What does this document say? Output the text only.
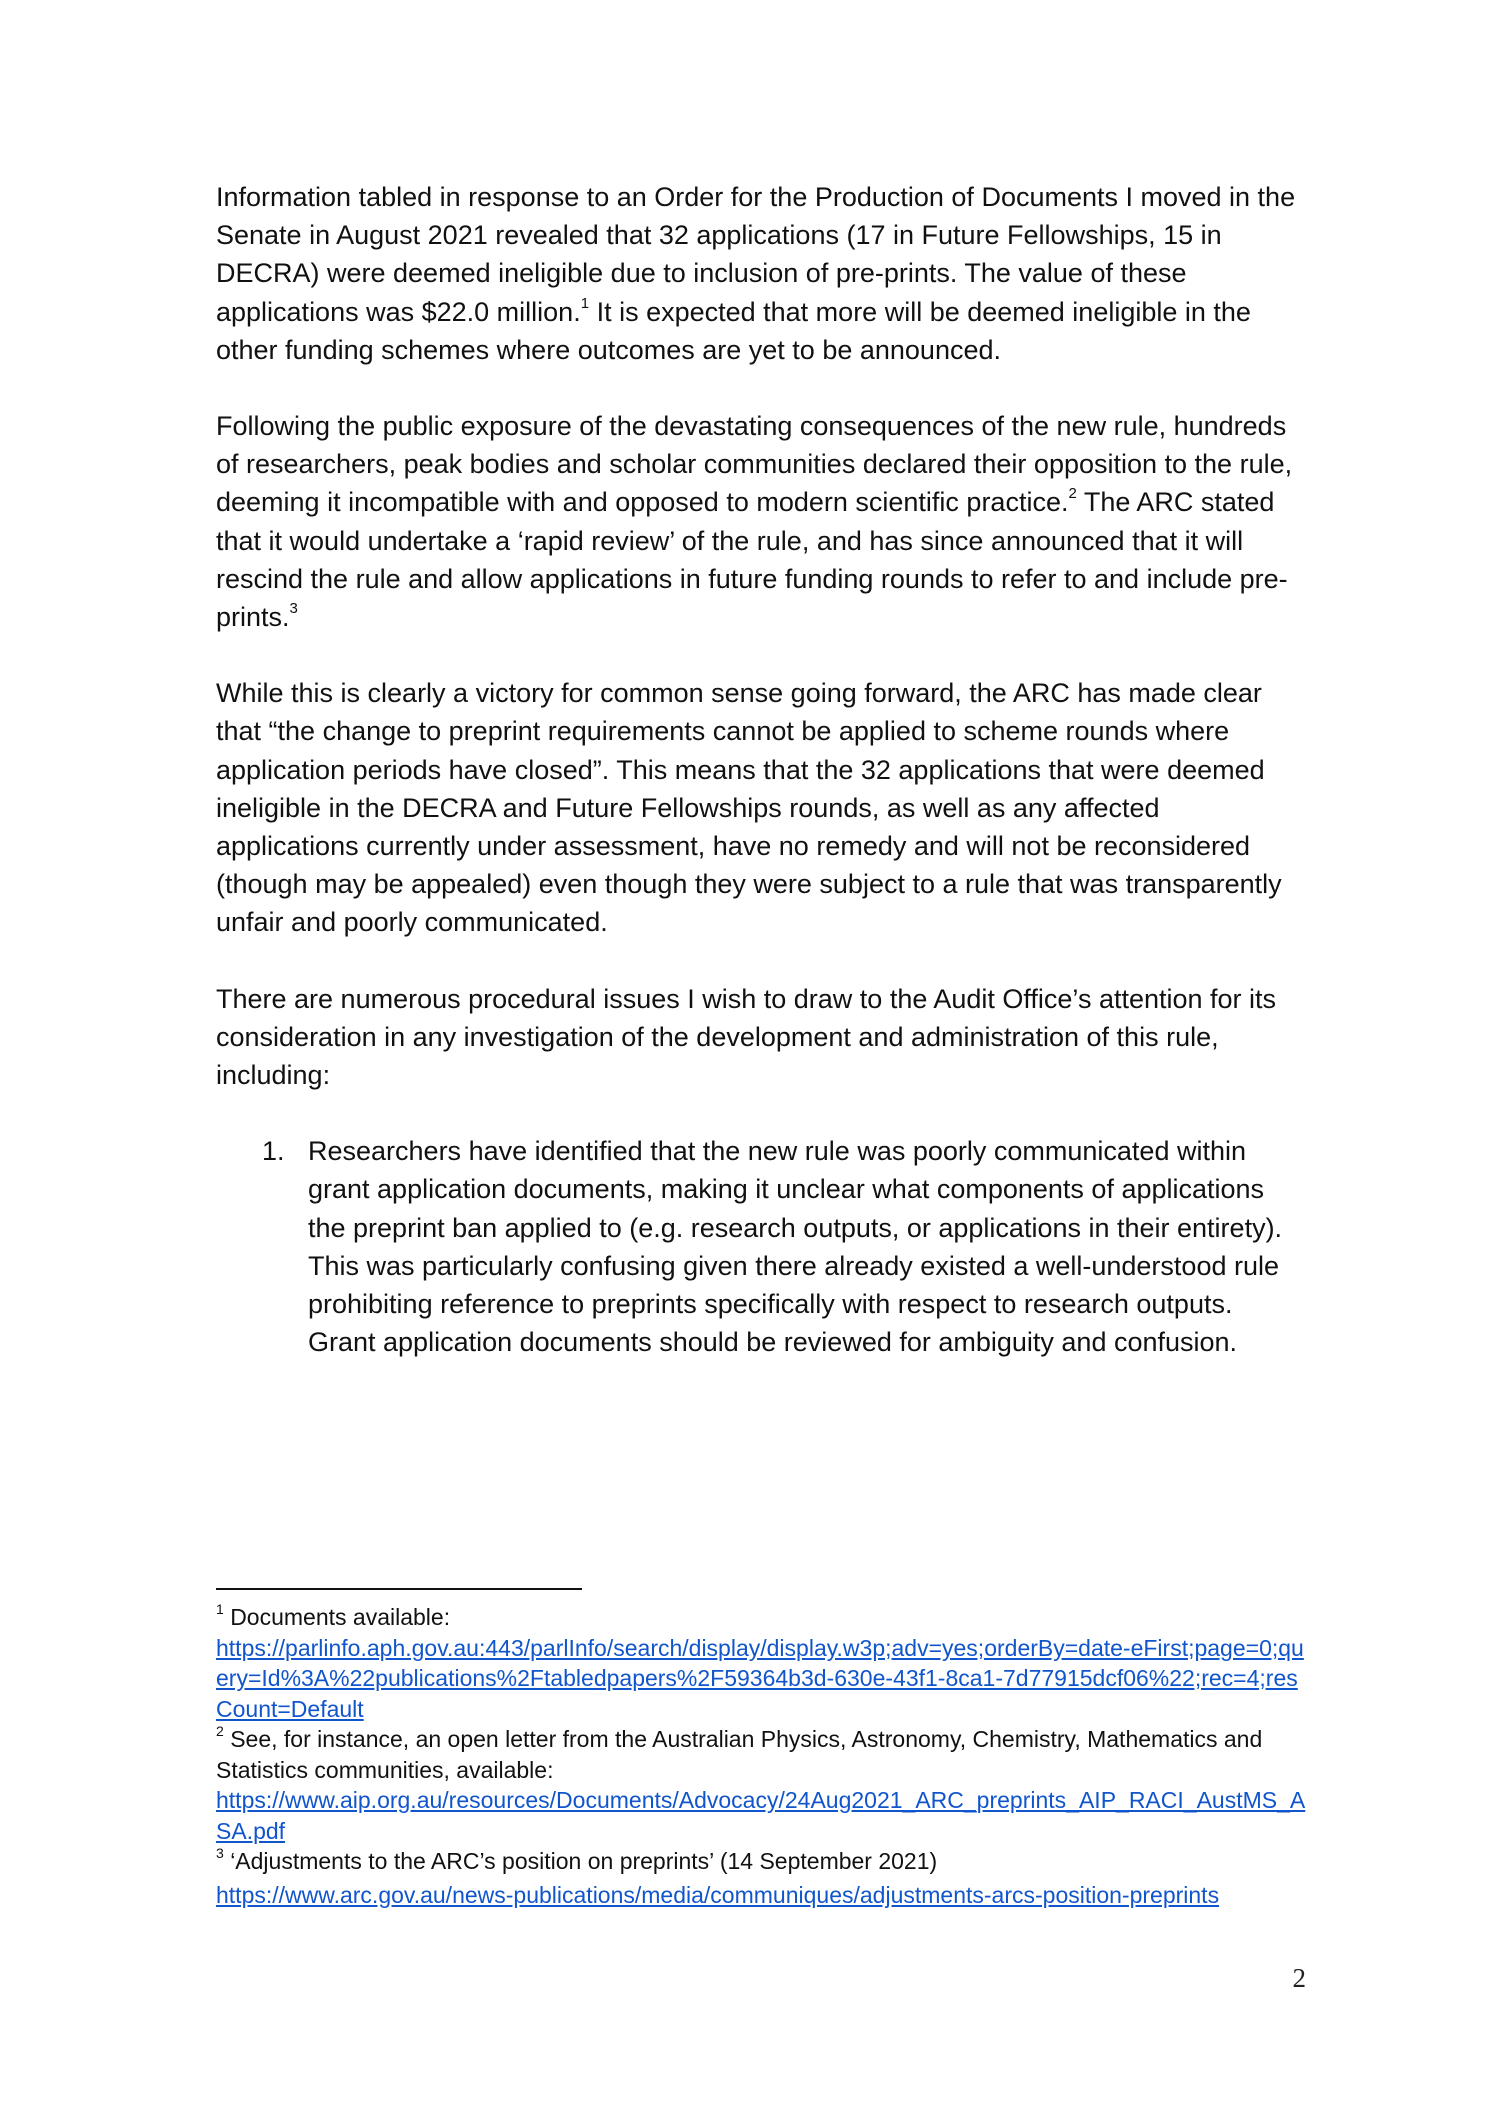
Information tabled in response to an Order for the Production of Documents I moved in the Senate in August 2021 revealed that 32 applications (17 in Future Fellowships, 15 in DECRA) were deemed ineligible due to inclusion of pre-prints. The value of these applications was $22.0 million.$^1$ It is expected that more will be deemed ineligible in the other funding schemes where outcomes are yet to be announced.

Following the public exposure of the devastating consequences of the new rule, hundreds of researchers, peak bodies and scholar communities declared their opposition to the rule, deeming it incompatible with and opposed to modern scientific practice.$^2$ The ARC stated that it would undertake a ‘rapid review’ of the rule, and has since announced that it will rescind the rule and allow applications in future funding rounds to refer to and include pre-prints.$^3$

While this is clearly a victory for common sense going forward, the ARC has made clear that “the change to preprint requirements cannot be applied to scheme rounds where application periods have closed”. This means that the 32 applications that were deemed ineligible in the DECRA and Future Fellowships rounds, as well as any affected applications currently under assessment, have no remedy and will not be reconsidered (though may be appealed) even though they were subject to a rule that was transparently unfair and poorly communicated.

There are numerous procedural issues I wish to draw to the Audit Office’s attention for its consideration in any investigation of the development and administration of this rule, including:

1. Researchers have identified that the new rule was poorly communicated within grant application documents, making it unclear what components of applications the preprint ban applied to (e.g. research outputs, or applications in their entirety). This was particularly confusing given there already existed a well-understood rule prohibiting reference to preprints specifically with respect to research outputs. Grant application documents should be reviewed for ambiguity and confusion.
$^1$ Documents available:
https://parlinfo.aph.gov.au:443/parlInfo/search/display/display.w3p;adv=yes;orderBy=date-eFirst;page=0;query=Id%3A%22publications%2Ftabledpapers%2F59364b3d-630e-43f1-8ca1-7d77915dcf06%22;rec=4;resCount=Default
$^2$ See, for instance, an open letter from the Australian Physics, Astronomy, Chemistry, Mathematics and Statistics communities, available:
https://www.aip.org.au/resources/Documents/Advocacy/24Aug2021_ARC_preprints_AIP_RACI_AustMS_ASA.pdf
$^3$ ‘Adjustments to the ARC’s position on preprints’ (14 September 2021)
https://www.arc.gov.au/news-publications/media/communiques/adjustments-arcs-position-preprints
2
